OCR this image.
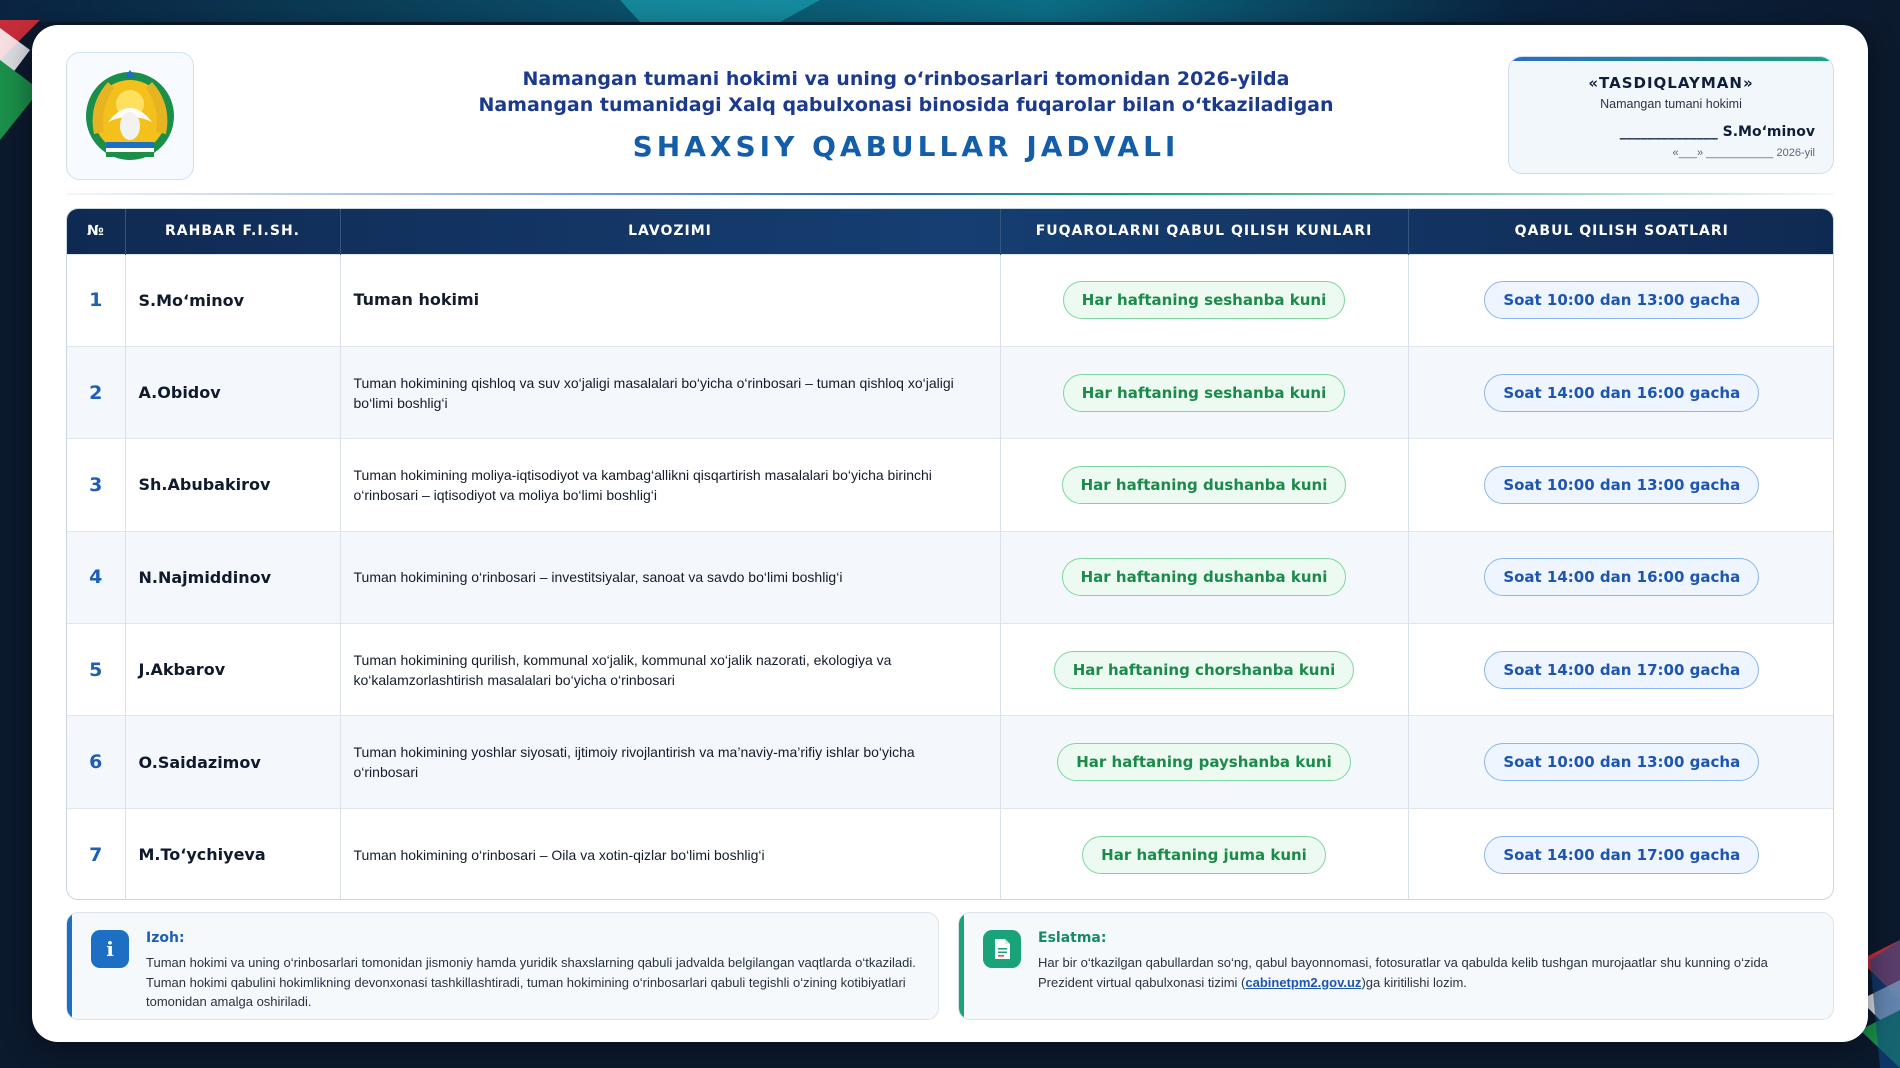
Namangan tumani hokimi va uning o‘rinbosarlari tomonidan 2026-yilda
Namangan tumanidagi Xalq qabulxonasi binosida fuqarolar bilan o‘tkaziladigan
SHAXSIY QABULLAR JADVALI
«TASDIQLAYMAN»
Namangan tumani hokimi
______________ S.Mo‘minov
«___» ___________ 2026-yil
№	RAHBAR F.I.SH.	LAVOZIMI	FUQAROLARNI QABUL QILISH KUNLARI	QABUL QILISH SOATLARI
1	S.Mo‘minov	Tuman hokimi	Har haftaning seshanba kuni	Soat 10:00 dan 13:00 gacha
2	A.Obidov	Tuman hokimining qishloq va suv xo‘jaligi masalalari bo‘yicha o‘rinbosari – tuman qishloq xo‘jaligi bo‘limi boshlig‘i	Har haftaning seshanba kuni	Soat 14:00 dan 16:00 gacha
3	Sh.Abubakirov	Tuman hokimining moliya-iqtisodiyot va kambag‘allikni qisqartirish masalalari bo‘yicha birinchi o‘rinbosari – iqtisodiyot va moliya bo‘limi boshlig‘i	Har haftaning dushanba kuni	Soat 10:00 dan 13:00 gacha
4	N.Najmiddinov	Tuman hokimining o‘rinbosari – investitsiyalar, sanoat va savdo bo‘limi boshlig‘i	Har haftaning dushanba kuni	Soat 14:00 dan 16:00 gacha
5	J.Akbarov	Tuman hokimining qurilish, kommunal xo‘jalik, kommunal xo‘jalik nazorati, ekologiya va ko‘kalamzorlashtirish masalalari bo‘yicha o‘rinbosari	Har haftaning chorshanba kuni	Soat 14:00 dan 17:00 gacha
6	O.Saidazimov	Tuman hokimining yoshlar siyosati, ijtimoiy rivojlantirish va ma’naviy-ma’rifiy ishlar bo‘yicha o‘rinbosari	Har haftaning payshanba kuni	Soat 10:00 dan 13:00 gacha
7	M.To‘ychiyeva	Tuman hokimining o‘rinbosari – Oila va xotin-qizlar bo‘limi boshlig‘i	Har haftaning juma kuni	Soat 14:00 dan 17:00 gacha
i	Izoh:
Tuman hokimi va uning o‘rinbosarlari tomonidan jismoniy hamda yuridik shaxslarning qabuli jadvalda belgilangan vaqtlarda o‘tkaziladi. Tuman hokimi qabulini hokimlikning devonxonasi tashkillashtiradi, tuman hokimining o‘rinbosarlari qabuli tegishli o‘zining kotibiyatlari tomonidan amalga oshiriladi.
Eslatma:
Har bir o‘tkazilgan qabullardan so‘ng, qabul bayonnomasi, fotosuratlar va qabulda kelib tushgan murojaatlar shu kunning o‘zida Prezident virtual qabulxonasi tizimi (cabinetpm2.gov.uz)ga kiritilishi lozim.
